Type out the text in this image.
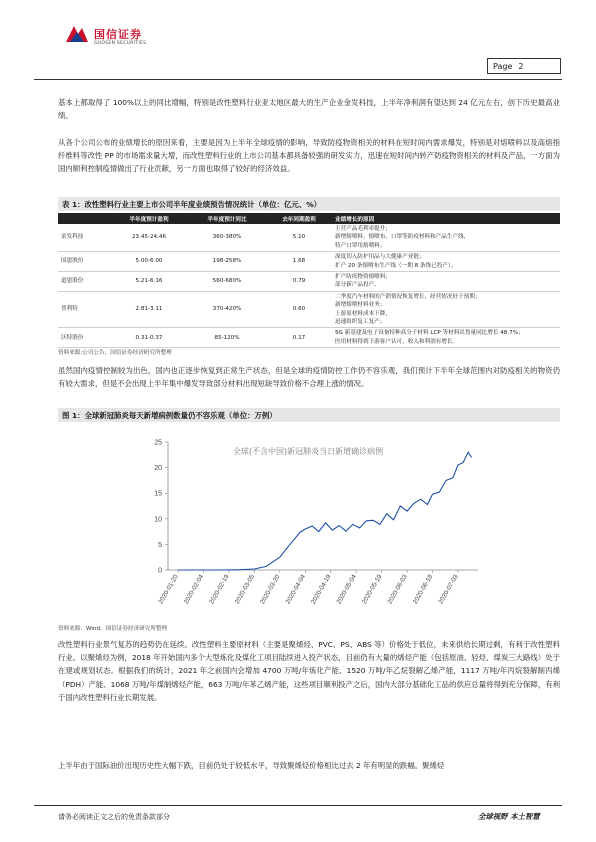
国信证券
GUOSEN SECURITIES
Page 2
基本上都取得了 100%以上的同比增幅，特别是改性塑料行业亚太地区最大的生产企业金发科技，上半年净利润有望达到 24 亿元左右，创下历史最高业绩。
从各个公司公布的业绩增长的原因来看，主要是因为上半年全球疫情的影响，导致防疫物资相关的材料在短时间内需求爆发，特别是对熔喷料以及高熔指纤维料等改性 PP 的市场需求量大增，而改性塑料行业的上市公司基本都具备较强的研发实力，迅速在短时间内转产防疫物资相关的材料及产品，一方面为国内顺利控制疫情做出了行业贡献，另一方面也取得了较好的经济效益。
表 1：改性塑料行业主要上市公司半年度业绩预告情况统计（单位：亿元、%）
	半年度预计盈利	半年度预计同比	去年同期盈利	业绩增长的原因
金发科技	23.45-24.46	360-380%	5.10	主营产品毛利率提升；
新增熔喷料、熔喷布、口罩等防疫材料和产品生产线，
特产口罩用熔喷料；

国恩股份	5.00-6.00	198-258%	1.68	深度切入防护用品与大健康产业链；
扩产 20 条熔喷布生产线（一期 8 条线已投产）。

道恩股份	5.21-6.16	560-680%	0.79	扩产防疫物资熔喷料；
部分新产品投产。

普利特	2.81-3.11	370-420%	0.60	二季度汽车材料的产销情况恢复增长，经营情况好于预期；
新增熔喷材料业务；
上游原材料成本下降，
迅速组织复工复产；

沃特股份	0.31-0.37	85-120%	0.17	5G 新基建及电子设备特种高分子材料 LCP 等材料出货量同比增长 48.7%；
医用材料得到下游客户认可，收入和利润有增长。
资料来源:公司公告，国信证券经济研究所整理
虽然国内疫情控制较为出色，国内也正逐步恢复到正常生产状态，但是全球的疫情防控工作仍不容乐观，我们预计下半年全球范围内对防疫相关的物资仍有较大需求，但是不会出现上半年集中爆发导致部分材料出现短缺导致价格不合理上涨的情况。
图 1：全球新冠肺炎每天新增病例数量仍不容乐观（单位：万例）
0
5
10
15
20
25
2020-01-20 2020-02-04 2020-02-19 2020-03-05 2020-03-20 2020-04-04 2020-04-19 2020-05-04 2020-05-19 2020-06-03 2020-06-18 2020-07-03
全球(不含中国)新冠肺炎当日新增确诊病例
资料来源：Wind，国信证券经济研究所整理
改性塑料行业景气复苏的趋势仍在延续。改性塑料主要原材料（主要是聚烯烃、PVC、PS、ABS 等）价格处于低位，未来供给长期过剩，有利于改性塑料行业。以聚烯烃为例，2018 年开始国内多个大型炼化及煤化工项目陆续进入投产状态，目前仍有大量的烯烃产能（包括原油、轻烃、煤炭三大路线）处于在建或规划状态。根据我们的统计，2021 年之前国内会增加 4700 万吨/年炼化产能、1520 万吨/年乙烷裂解乙烯产能，1117 万吨/年丙烷裂解制丙烯（PDH）产能、1068 万吨/年煤制烯烃产能，663 万吨/年苯乙烯产能，这些项目顺利投产之后，国内大部分基础化工品的供应总量将得到充分保障，有利于国内改性塑料行业长期发展。
上半年由于国际油价出现历史性大幅下跌，目前仍处于较低水平，导致聚烯烃价格相比过去 2 年有明显的跌幅。聚烯烃
请务必阅读正文之后的免责条款部分	全球视野 本土智慧
